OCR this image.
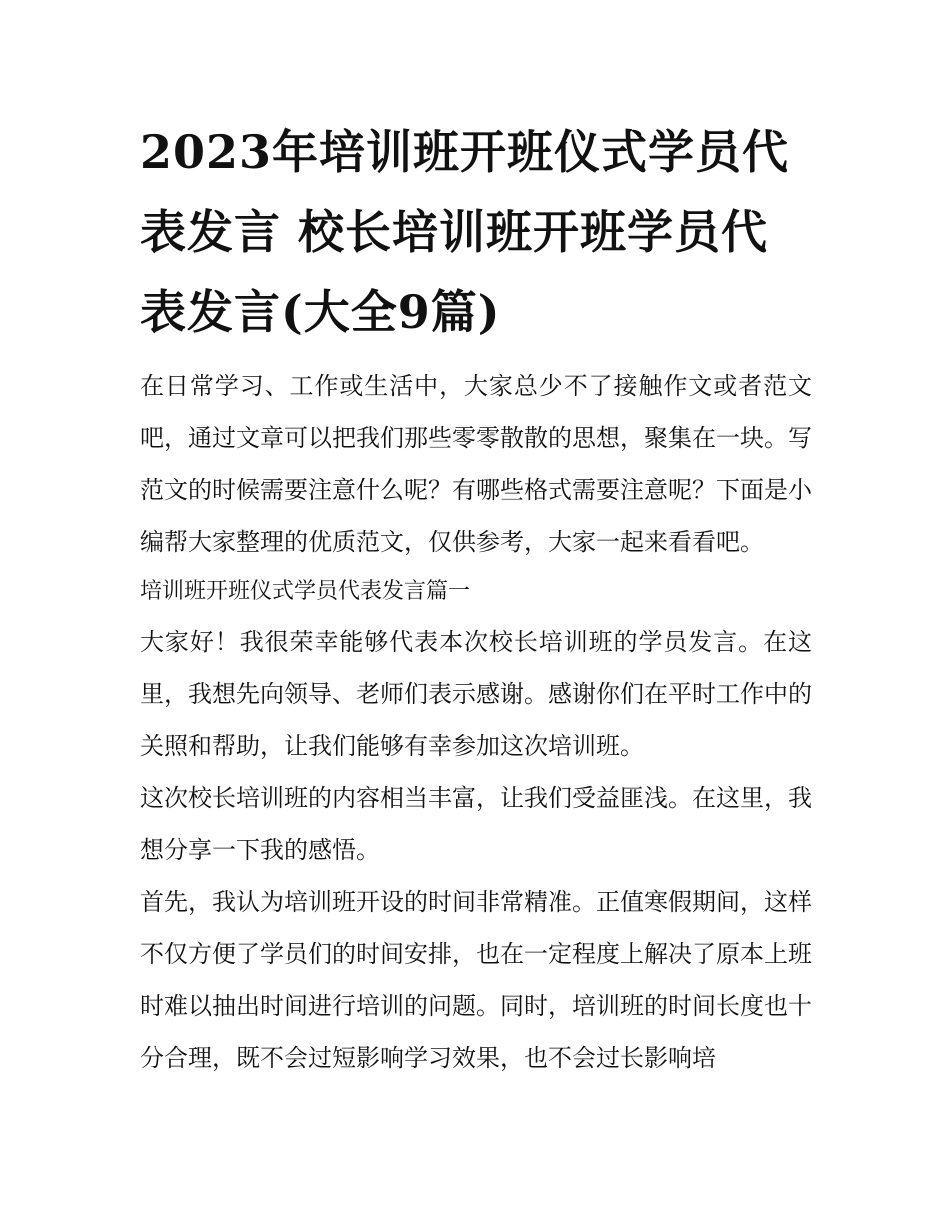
2023年培训班开班仪式学员代表发言 校长培训班开班学员代表发言(大全9篇)

在日常学习、工作或生活中，大家总少不了接触作文或者范文吧，通过文章可以把我们那些零零散散的思想，聚集在一块。写范文的时候需要注意什么呢？有哪些格式需要注意呢？下面是小编帮大家整理的优质范文，仅供参考，大家一起来看看吧。

培训班开班仪式学员代表发言篇一

大家好！我很荣幸能够代表本次校长培训班的学员发言。在这里，我想先向领导、老师们表示感谢。感谢你们在平时工作中的关照和帮助，让我们能够有幸参加这次培训班。

这次校长培训班的内容相当丰富，让我们受益匪浅。在这里，我想分享一下我的感悟。

首先，我认为培训班开设的时间非常精准。正值寒假期间，这样不仅方便了学员们的时间安排，也在一定程度上解决了原本上班时难以抽出时间进行培训的问题。同时，培训班的时间长度也十分合理，既不会过短影响学习效果，也不会过长影响培
